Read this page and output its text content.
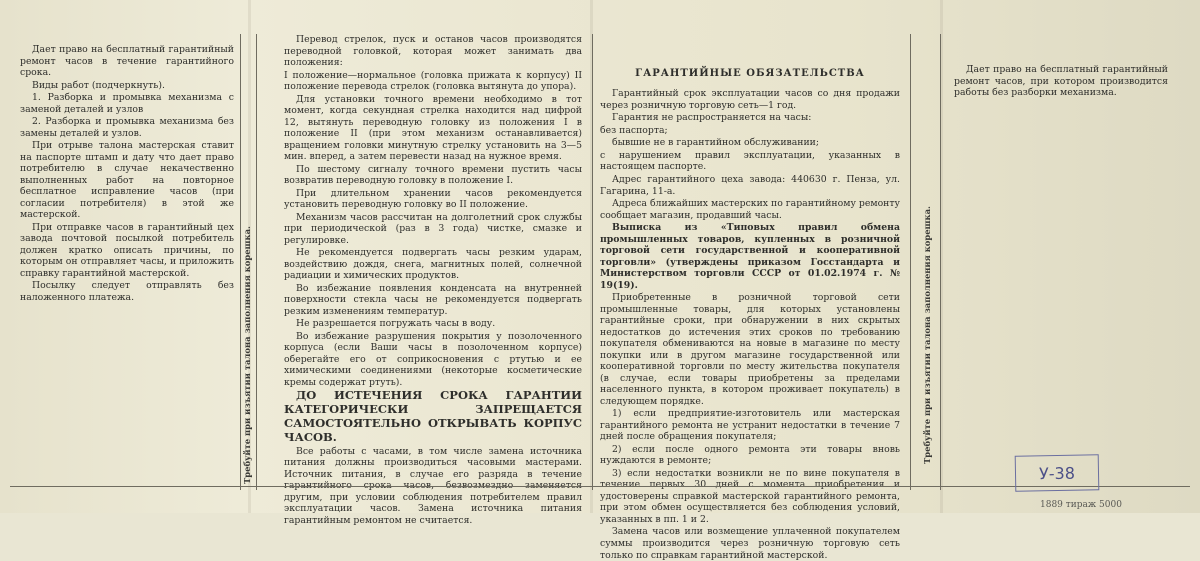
Дает право на бесплатный гарантийный ремонт часов в течение гарантийного срока.

Виды работ (подчеркнуть).

1. Разборка и промывка механизма с заменой деталей и узлов

2. Разборка и промывка механизма без замены деталей и узлов.

При отрыве талона мастерская ставит на паспорте штамп и дату что дает право потребителю в случае некачественно выполненных работ на повторное бесплатное исправление часов (при согласии потребителя) в этой же мастерской.

При отправке часов в гарантийный цех завода почтовой посылкой потребитель должен кратко описать причины, по которым он отправляет часы, и приложить справку гарантийной мастерской.

Посылку следует отправлять без наложенного платежа.	Требуйте при изъятии талона заполнения корешка.

Перевод стрелок, пуск и останов часов производятся переводной головкой, которая может занимать два положения:

I положение—нормальное (головка прижата к корпусу) II положение перевода стрелок (головка вытянута до упора).

Для установки точного времени необходимо в тот момент, когда секундная стрелка находится над цифрой 12, вытянуть переводную головку из положения I в положение II (при этом механизм останавливается) вращением головки минутную стрелку установить на 3—5 мин. вперед, а затем перевести назад на нужное время.

По шестому сигналу точного времени пустить часы возвратив переводную головку в положение I.

При длительном хранении часов рекомендуется установить переводную головку во II положение.

Механизм часов рассчитан на долголетний срок службы при периодической (раз в 3 года) чистке, смазке и регулировке.

Не рекомендуется подвергать часы резким ударам, воздействию дождя, снега, магнитных полей, солнечной радиации и химических продуктов.

Во избежание появления конденсата на внутренней поверхности стекла часы не рекомендуется подвергать резким изменениям температур.

Не разрешается погружать часы в воду.

Во избежание разрушения покрытия у позолоченного корпуса (если Ваши часы в позолоченном корпусе) оберегайте его от соприкосновения с ртутью и ее химическими соединениями (некоторые косметические кремы содержат ртуть).

ДО ИСТЕЧЕНИЯ СРОКА ГАРАНТИИ КАТЕГОРИЧЕСКИ ЗАПРЕЩАЕТСЯ САМОСТОЯТЕЛЬНО ОТКРЫВАТЬ КОРПУС ЧАСОВ.

Все работы с часами, в том числе замена источника питания должны производиться часовыми мастерами. Источник питания, в случае его разряда в течение гарантийного срока часов, безвозмездно заменяется другим, при условии соблюдения потребителем правил эксплуатации часов. Замена источника питания гарантийным ремонтом не считается.

ГАРАНТИЙНЫЕ ОБЯЗАТЕЛЬСТВА

Гарантийный срок эксплуатации часов со дня продажи через розничную торговую сеть—1 год.

Гарантия не распространяется на часы:

без паспорта;

бывшие не в гарантийном обслуживании;

с нарушением правил эксплуатации, указанных в настоящем паспорте.

Адрес гарантийного цеха завода: 440630 г. Пенза, ул. Гагарина, 11-а.

Адреса ближайших мастерских по гарантийному ремонту сообщает магазин, продавший часы.

Выписка из «Типовых правил обмена промышленных товаров, купленных в розничной торговой сети государственной и кооперативной торговли» (утверждены приказом Госстандарта и Министерством торговли СССР от 01.02.1974 г. № 19(19).

Приобретенные в розничной торговой сети промышленные товары, для которых установлены гарантийные сроки, при обнаружении в них скрытых недостатков до истечения этих сроков по требованию покупателя обмениваются на новые в магазине по месту покупки или в другом магазине государственной или кооперативной торговли по месту жительства покупателя (в случае, если товары приобретены за пределами населенного пункта, в котором проживает покупатель) в следующем порядке.

1) если предприятие-изготовитель или мастерская гарантийного ремонта не устранит недостатки в течение 7 дней после обращения покупателя;

2) если после одного ремонта эти товары вновь нуждаются в ремонте;

3) если недостатки возникли не по вине покупателя в течение первых 30 дней с момента приобретения и удостоверены справкой мастерской гарантийного ремонта, при этом обмен осуществляется без соблюдения условий, указанных в пп. 1 и 2.

Замена часов или возмещение уплаченной покупателем суммы производится через розничную торговую сеть только по справкам гарантийной мастерской.

Требуйте при изъятии талона заполнения корешка.

Дает право на бесплатный гарантийный ремонт часов, при котором производится работы без разборки механизма.

У-38
1889 тираж 5000
